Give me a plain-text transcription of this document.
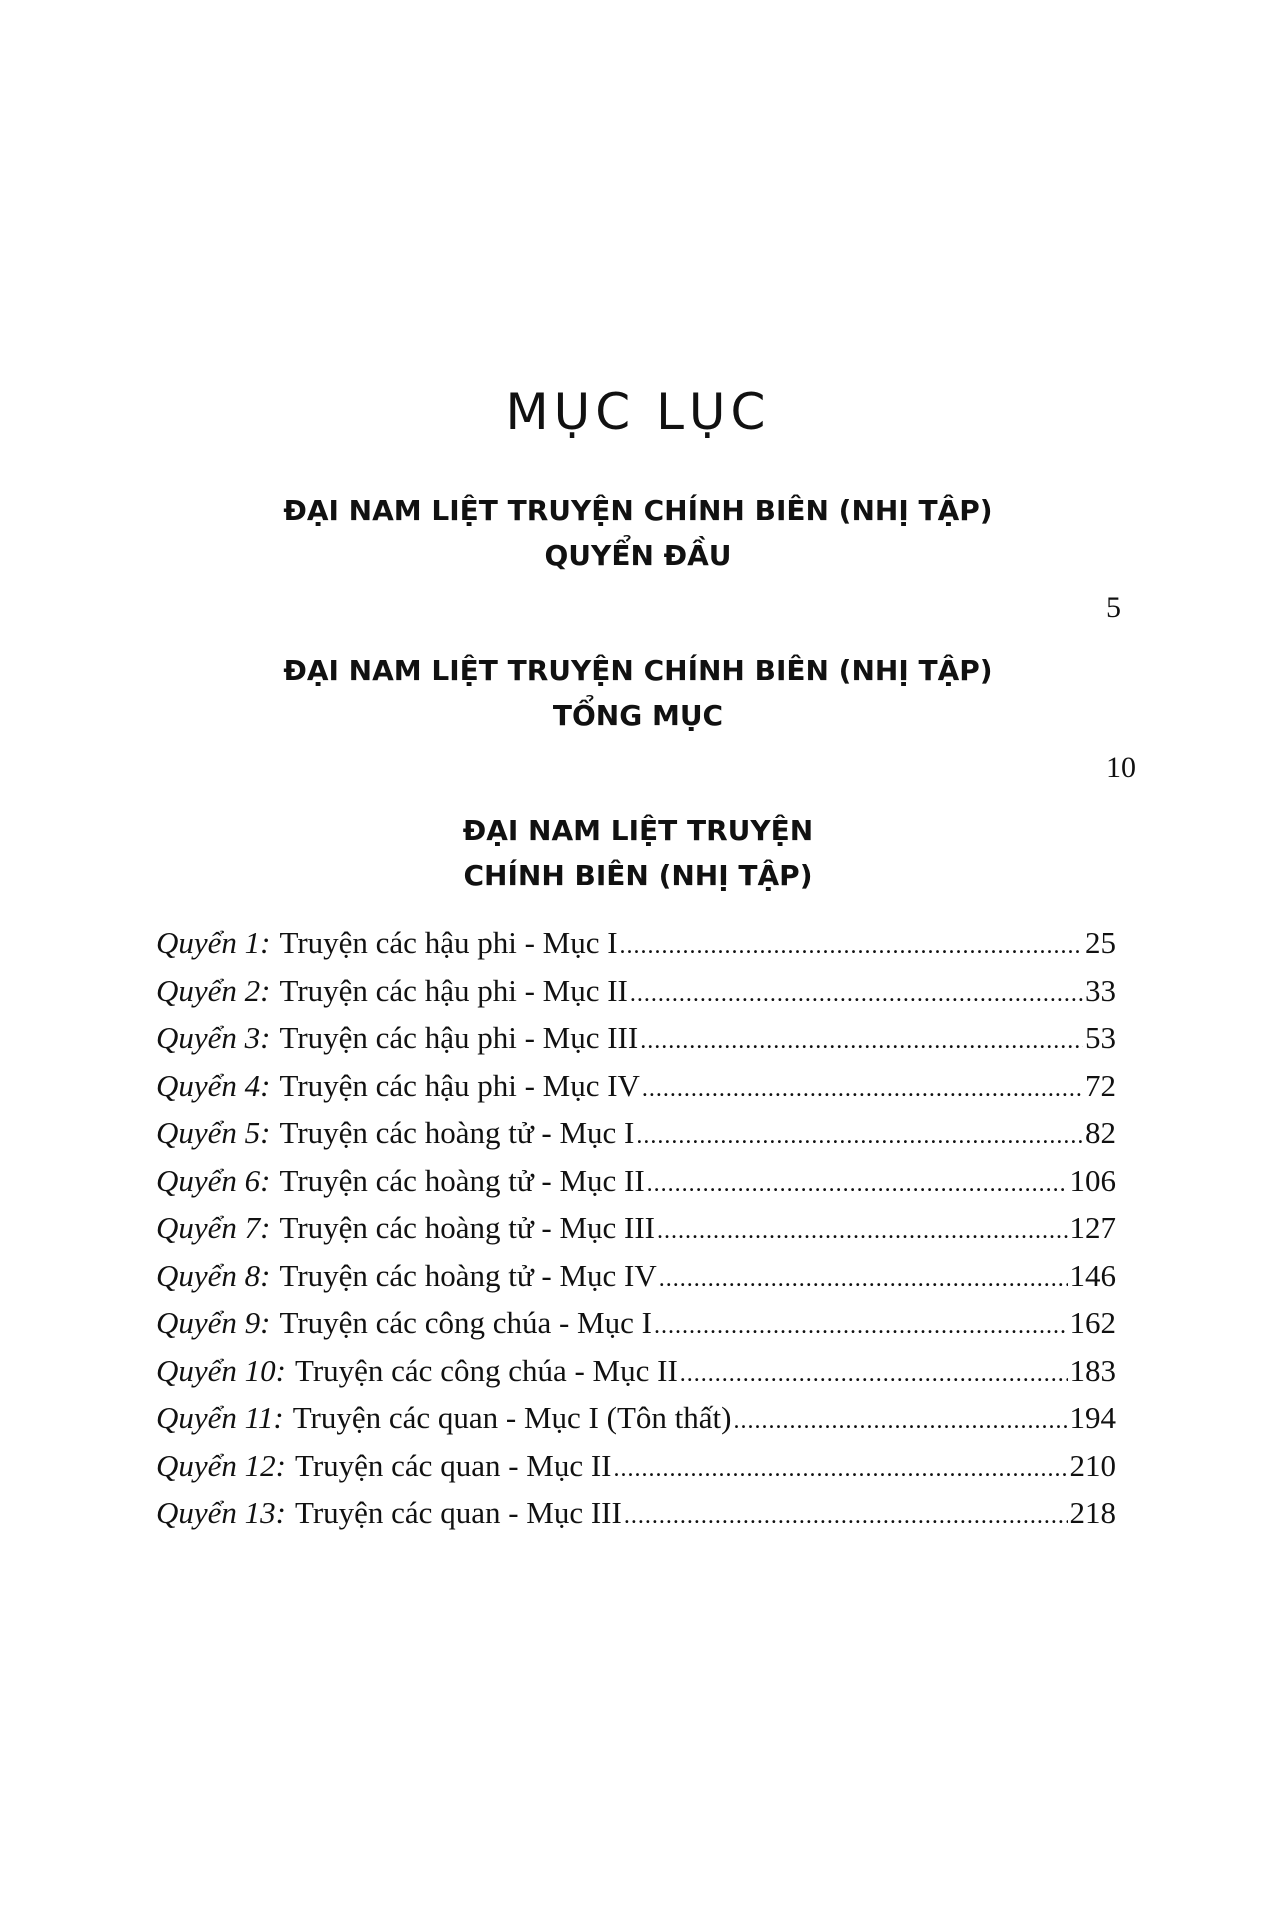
MỤC LỤC
ĐẠI NAM LIỆT TRUYỆN CHÍNH BIÊN (NHỊ TẬP)
QUYỂN ĐẦU
5
ĐẠI NAM LIỆT TRUYỆN CHÍNH BIÊN (NHỊ TẬP)
TỔNG MỤC
10
ĐẠI NAM LIỆT TRUYỆN
CHÍNH BIÊN (NHỊ TẬP)
Quyển 1: Truyện các hậu phi - Mục I .....	25
Quyển 2: Truyện các hậu phi - Mục II .....	33
Quyển 3: Truyện các hậu phi - Mục III .....	53
Quyển 4: Truyện các hậu phi - Mục IV .....	72
Quyển 5: Truyện các hoàng tử - Mục I .....	82
Quyển 6: Truyện các hoàng tử - Mục II .....	106
Quyển 7: Truyện các hoàng tử - Mục III .....	127
Quyển 8: Truyện các hoàng tử - Mục IV .....	146
Quyển 9: Truyện các công chúa - Mục I .....	162
Quyển 10: Truyện các công chúa - Mục II .....	183
Quyển 11: Truyện các quan - Mục I (Tôn thất) .....	194
Quyển 12: Truyện các quan - Mục II .....	210
Quyển 13: Truyện các quan - Mục III .....	218
